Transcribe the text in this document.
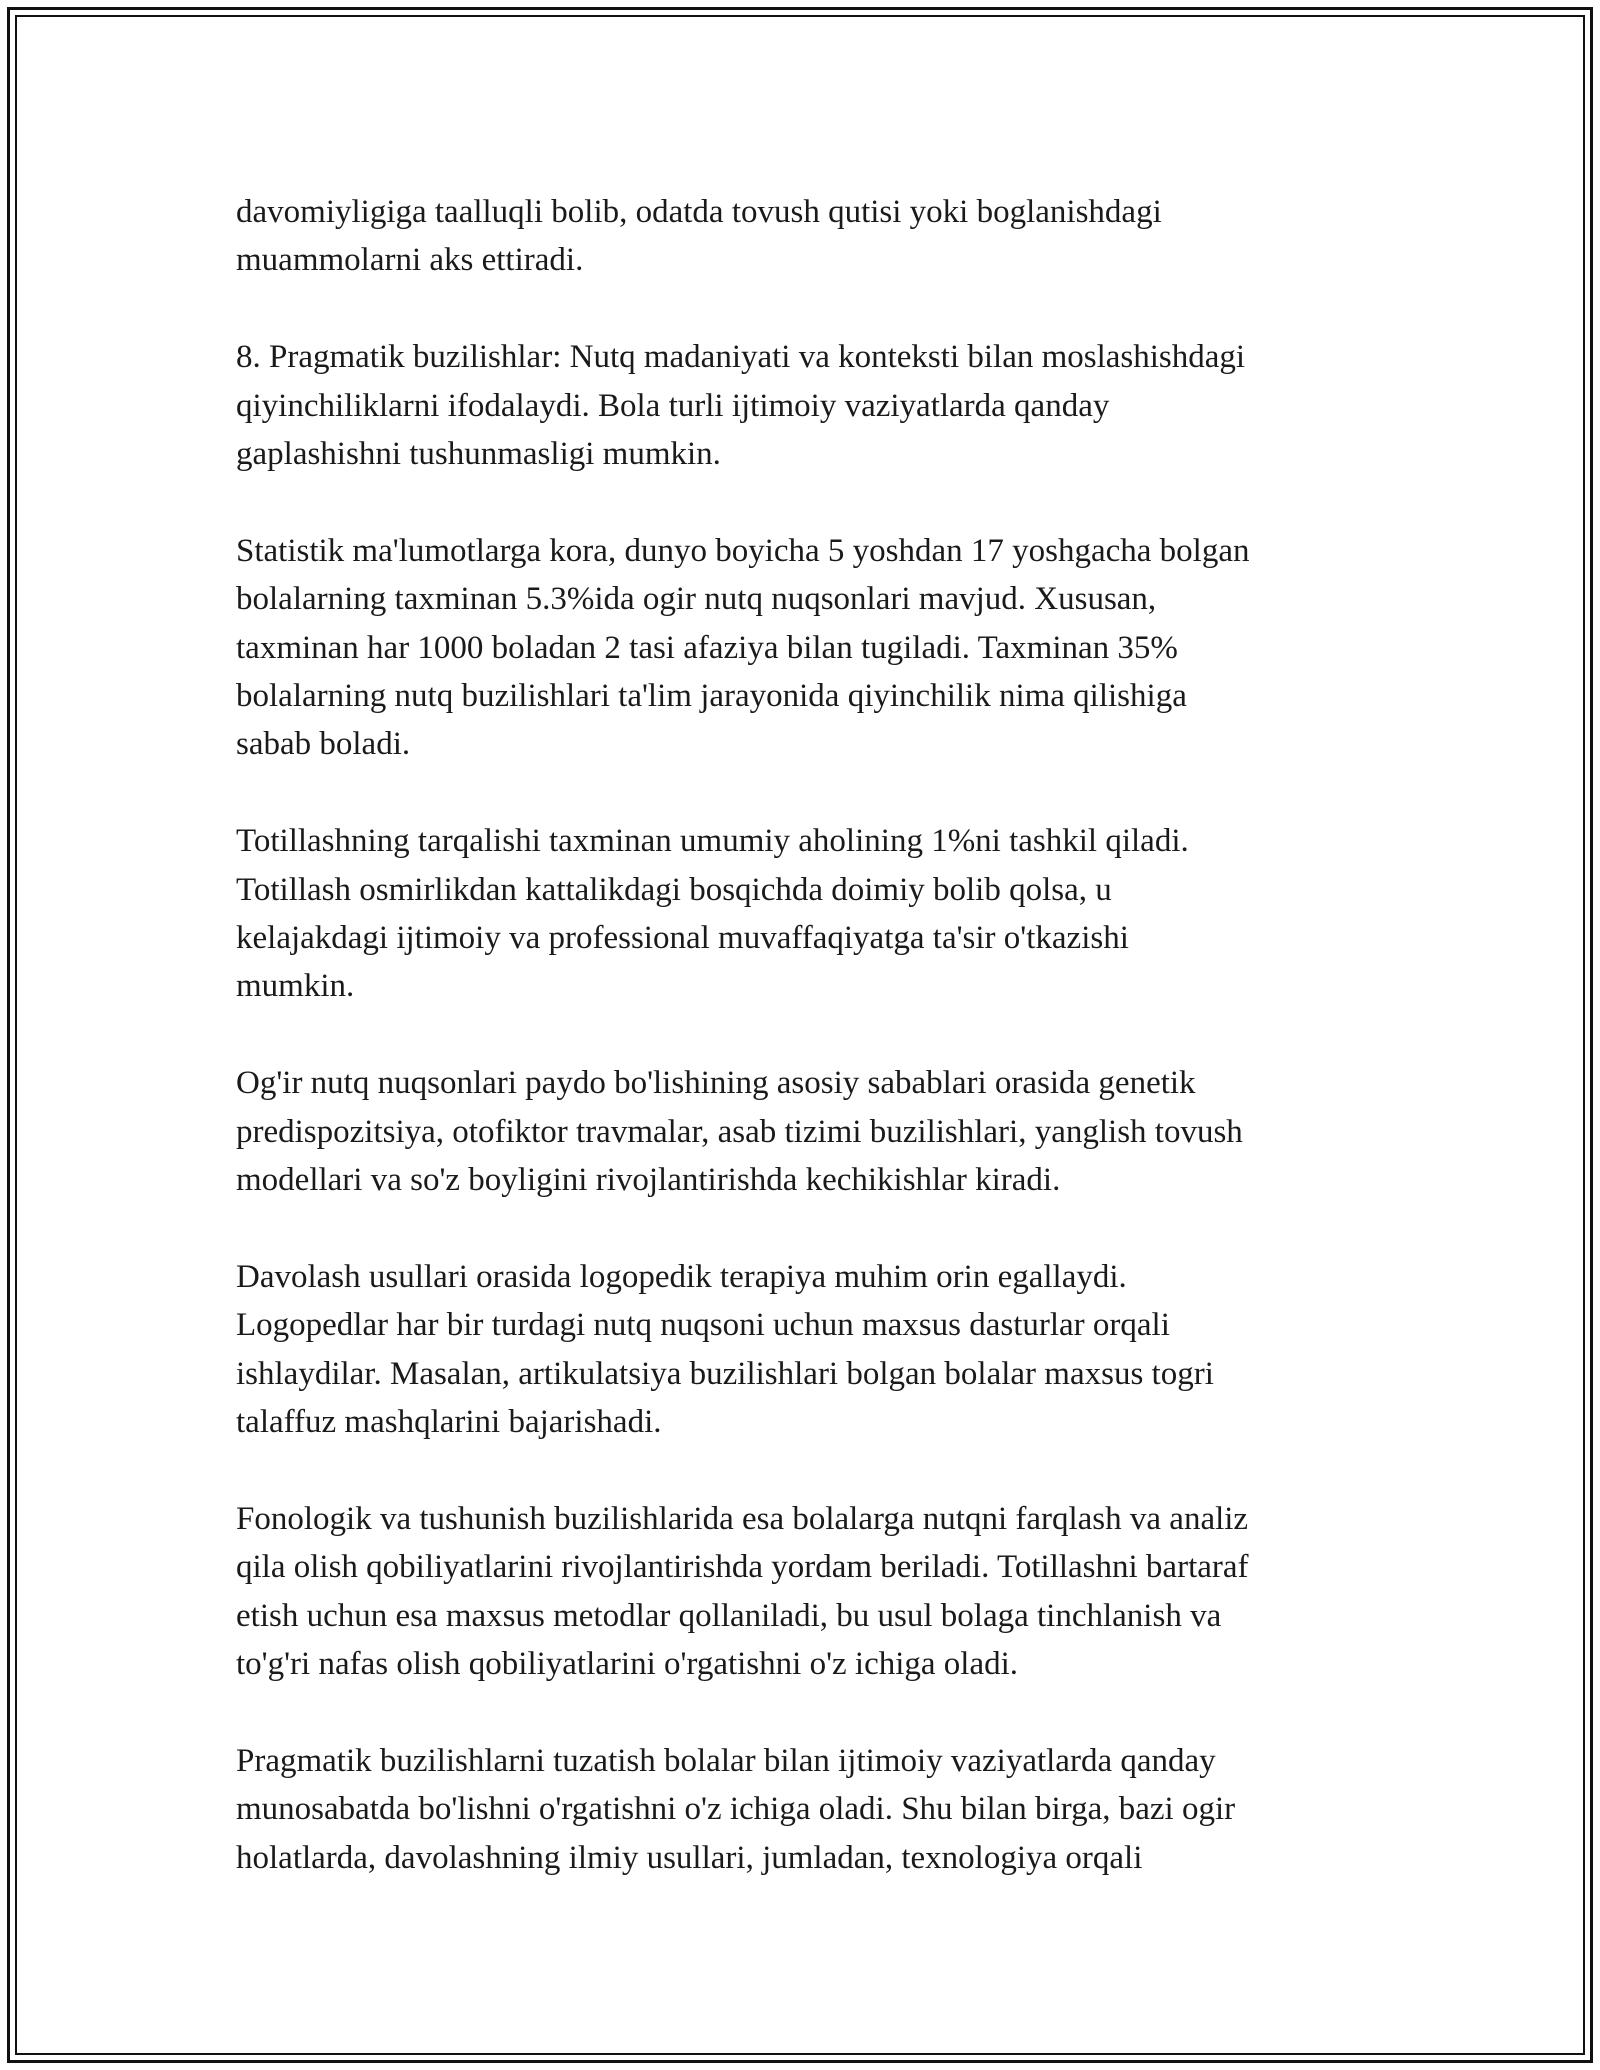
davomiyligiga taalluqli bolib, odatda tovush qutisi yoki boglanishdagi
muammolarni aks ettiradi.

8. Pragmatik buzilishlar: Nutq madaniyati va konteksti bilan moslashishdagi
qiyinchiliklarni ifodalaydi. Bola turli ijtimoiy vaziyatlarda qanday
gaplashishni tushunmasligi mumkin.

Statistik ma'lumotlarga kora, dunyo boyicha 5 yoshdan 17 yoshgacha bolgan
bolalarning taxminan 5.3%ida ogir nutq nuqsonlari mavjud. Xususan,
taxminan har 1000 boladan 2 tasi afaziya bilan tugiladi. Taxminan 35%
bolalarning nutq buzilishlari ta'lim jarayonida qiyinchilik nima qilishiga
sabab boladi.

Totillashning tarqalishi taxminan umumiy aholining 1%ni tashkil qiladi.
Totillash osmirlikdan kattalikdagi bosqichda doimiy bolib qolsa, u
kelajakdagi ijtimoiy va professional muvaffaqiyatga ta'sir o'tkazishi
mumkin.

Og'ir nutq nuqsonlari paydo bo'lishining asosiy sabablari orasida genetik
predispozitsiya, otofiktor travmalar, asab tizimi buzilishlari, yanglish tovush
modellari va so'z boyligini rivojlantirishda kechikishlar kiradi.

Davolash usullari orasida logopedik terapiya muhim orin egallaydi.
Logopedlar har bir turdagi nutq nuqsoni uchun maxsus dasturlar orqali
ishlaydilar. Masalan, artikulatsiya buzilishlari bolgan bolalar maxsus togri
talaffuz mashqlarini bajarishadi.

Fonologik va tushunish buzilishlarida esa bolalarga nutqni farqlash va analiz
qila olish qobiliyatlarini rivojlantirishda yordam beriladi. Totillashni bartaraf
etish uchun esa maxsus metodlar qollaniladi, bu usul bolaga tinchlanish va
to'g'ri nafas olish qobiliyatlarini o'rgatishni o'z ichiga oladi.

Pragmatik buzilishlarni tuzatish bolalar bilan ijtimoiy vaziyatlarda qanday
munosabatda bo'lishni o'rgatishni o'z ichiga oladi. Shu bilan birga, bazi ogir
holatlarda, davolashning ilmiy usullari, jumladan, texnologiya orqali
